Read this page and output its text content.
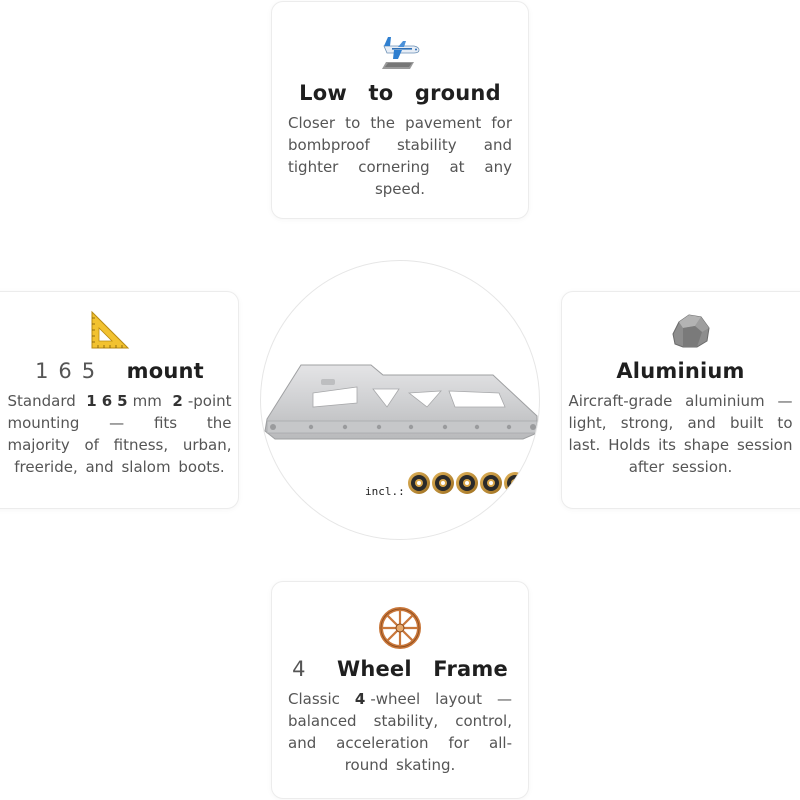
Low to ground
Closer to the pavement for bombproof stability and tighter cornering at any speed.
165 mount
Standard 165mm 2-point mounting — fits the majority of fitness, urban, freeride, and slalom boots.
Aluminium
Aircraft-grade aluminium — light, strong, and built to last. Holds its shape session after session.
4 Wheel Frame
Classic 4-wheel layout — balanced stability, control, and acceleration for all-round skating.
incl.:
